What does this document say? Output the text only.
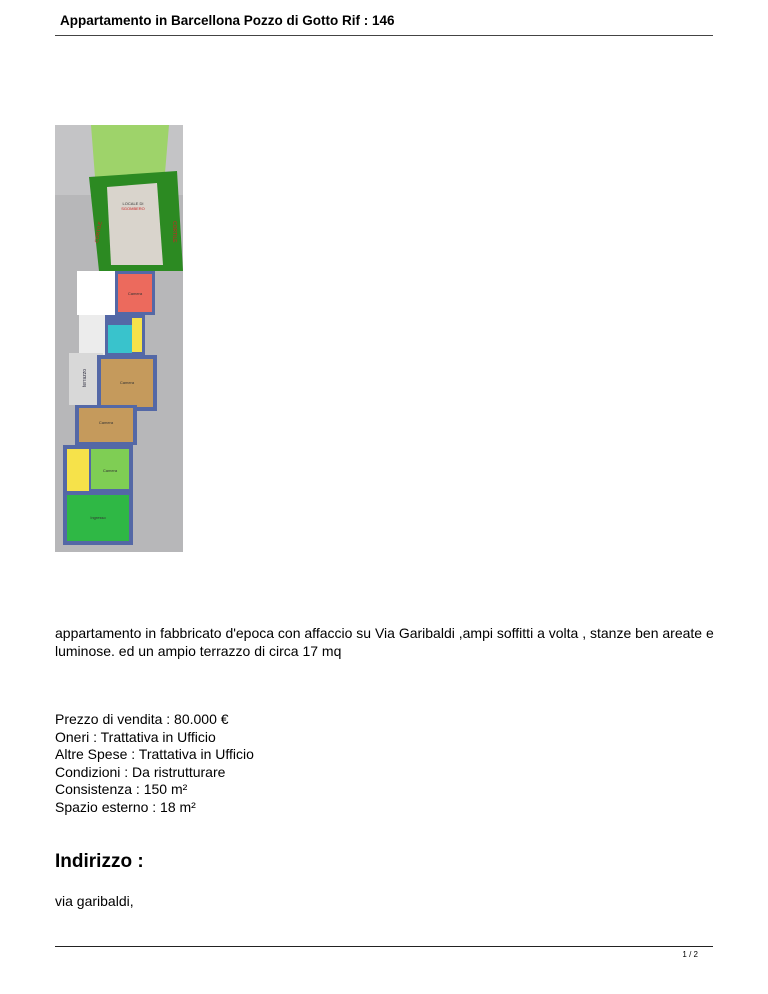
Appartamento in Barcellona Pozzo di Gotto Rif : 146
LOCALE DI
SGOMBERO
CORTILE	CORTILE
Camera
terrazzo	Camera
Camera
Camera
Ingresso
appartamento in fabbricato d'epoca con affaccio su Via Garibaldi ,ampi soffitti a volta , stanze ben areate e luminose. ed un ampio terrazzo di circa 17 mq
Prezzo di vendita : 80.000 €
Oneri : Trattativa in Ufficio
Altre Spese : Trattativa in Ufficio
Condizioni : Da ristrutturare
Consistenza : 150 m²
Spazio esterno : 18 m²
Indirizzo :
via garibaldi,
1 / 2
